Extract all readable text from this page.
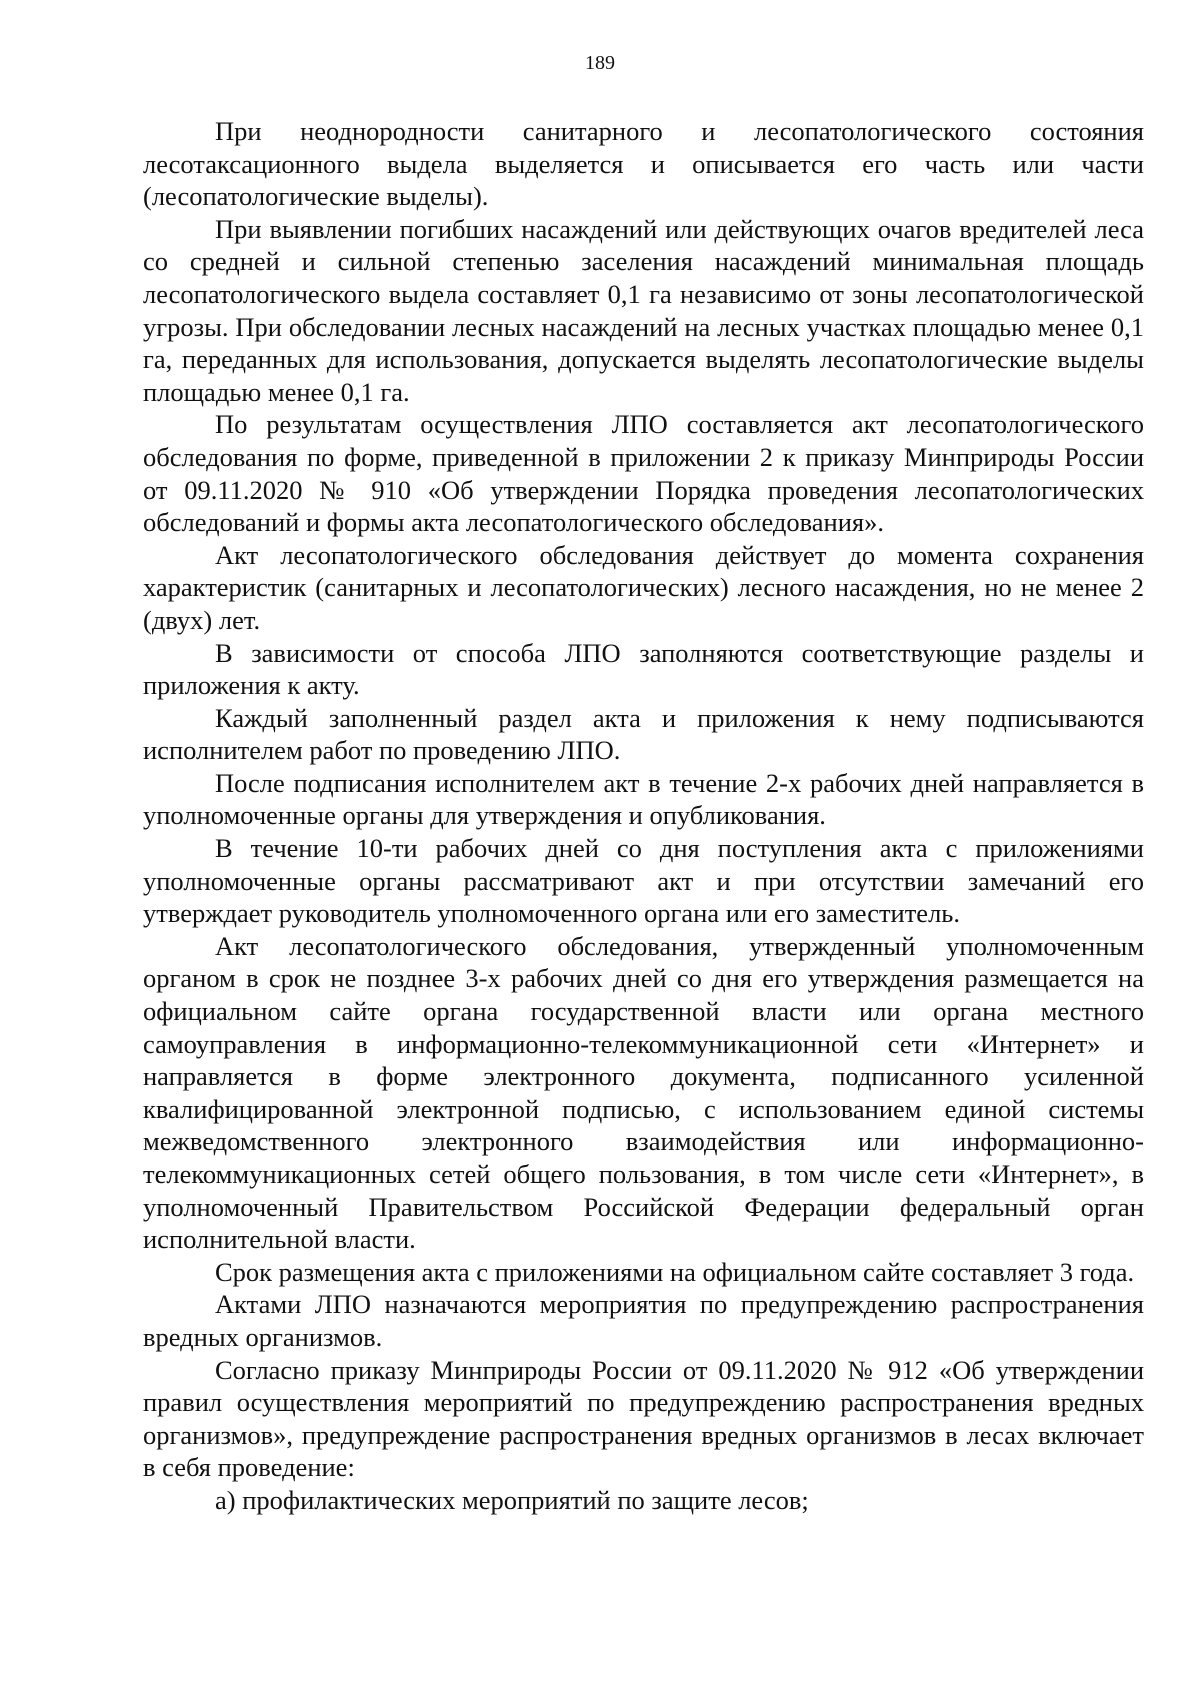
189

При неоднородности санитарного и лесопатологического состояния лесотаксационного выдела выделяется и описывается его часть или части (лесопатологические выделы).

При выявлении погибших насаждений или действующих очагов вредителей леса со средней и сильной степенью заселения насаждений минимальная площадь лесопатологического выдела составляет 0,1 га независимо от зоны лесопатологической угрозы. При обследовании лесных насаждений на лесных участках площадью менее 0,1 га, переданных для использования, допускается выделять лесопатологические выделы площадью менее 0,1 га.

По результатам осуществления ЛПО составляется акт лесопатологического обследования по форме, приведенной в приложении 2 к приказу Минприроды России от 09.11.2020 № 910 «Об утверждении Порядка проведения лесопатологических обследований и формы акта лесопатологического обследования».

Акт лесопатологического обследования действует до момента сохранения характеристик (санитарных и лесопатологических) лесного насаждения, но не менее 2 (двух) лет.

В зависимости от способа ЛПО заполняются соответствующие разделы и приложения к акту.

Каждый заполненный раздел акта и приложения к нему подписываются исполнителем работ по проведению ЛПО.

После подписания исполнителем акт в течение 2-х рабочих дней направляется в уполномоченные органы для утверждения и опубликования.

В течение 10-ти рабочих дней со дня поступления акта с приложениями уполномоченные органы рассматривают акт и при отсутствии замечаний его утверждает руководитель уполномоченного органа или его заместитель.

Акт лесопатологического обследования, утвержденный уполномоченным органом в срок не позднее 3-х рабочих дней со дня его утверждения размещается на официальном сайте органа государственной власти или органа местного самоуправления в информационно-телекоммуникационной сети «Интернет» и направляется в форме электронного документа, подписанного усиленной квалифицированной электронной подписью, с использованием единой системы межведомственного электронного взаимодействия или информационно-телекоммуникационных сетей общего пользования, в том числе сети «Интернет», в уполномоченный Правительством Российской Федерации федеральный орган исполнительной власти.

Срок размещения акта с приложениями на официальном сайте составляет 3 года.

Актами ЛПО назначаются мероприятия по предупреждению распространения вредных организмов.

Согласно приказу Минприроды России от 09.11.2020 № 912 «Об утверждении правил осуществления мероприятий по предупреждению распространения вредных организмов», предупреждение распространения вредных организмов в лесах включает в себя проведение:

а) профилактических мероприятий по защите лесов;
